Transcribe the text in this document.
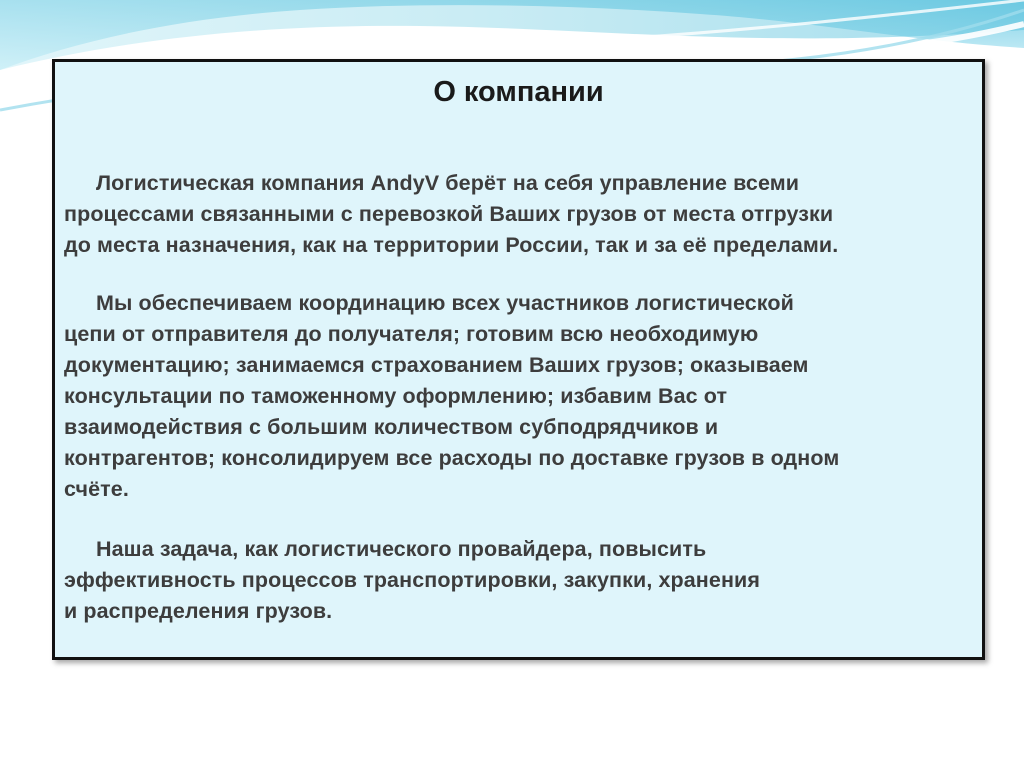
О компании

Логистическая компания AndyV берёт на себя управление всеми
процессами связанными с перевозкой Ваших грузов от места отгрузки
до места назначения, как на территории России, так и за её пределами.

Мы обеспечиваем координацию всех участников логистической
цепи от отправителя до получателя; готовим всю необходимую
документацию; занимаемся страхованием Ваших грузов; оказываем
консультации по таможенному оформлению; избавим Вас от
взаимодействия с большим количеством субподрядчиков и
контрагентов; консолидируем все расходы по доставке грузов в одном
счёте.

Наша задача, как логистического провайдера, повысить
эффективность процессов транспортировки, закупки, хранения
и распределения грузов.
